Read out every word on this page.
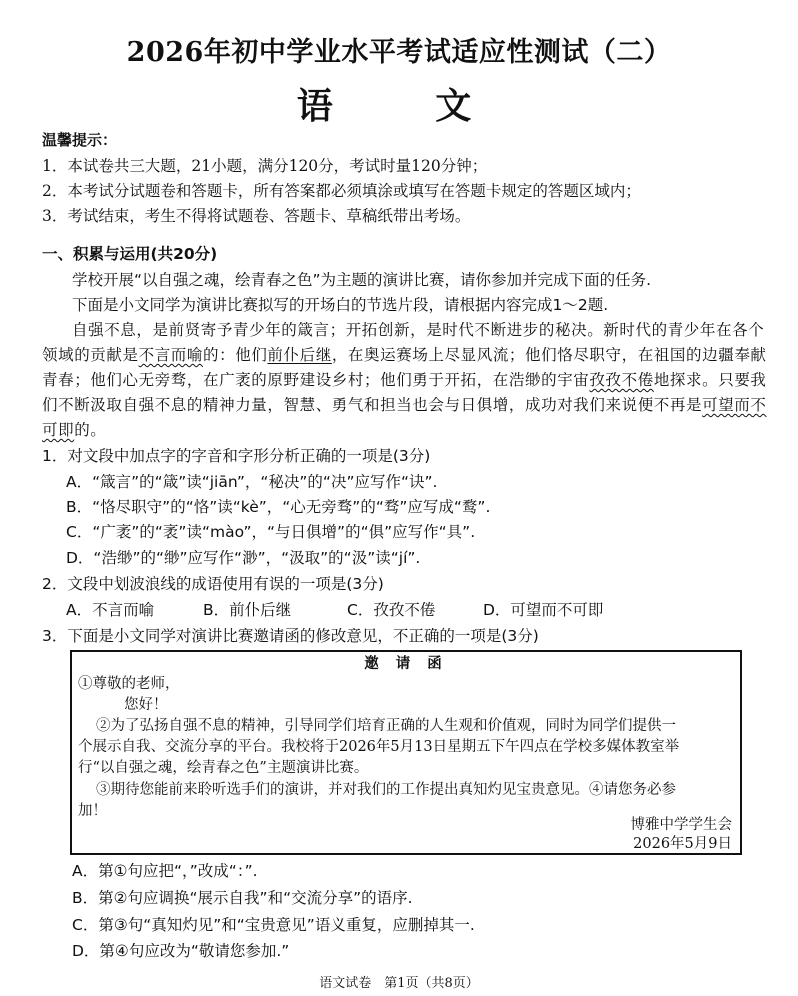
2026年初中学业水平考试适应性测试（二）
语 文
温馨提示：
1．本试卷共三大题，21小题，满分120分，考试时量120分钟；
2．本考试分试题卷和答题卡，所有答案都必须填涂或填写在答题卡规定的答题区域内；
3．考试结束，考生不得将试题卷、答题卡、草稿纸带出考场。
一、积累与运用(共20分)
学校开展“以自强之魂，绘青春之色”为主题的演讲比赛，请你参加并完成下面的任务.
下面是小文同学为演讲比赛拟写的开场白的节选片段，请根据内容完成1～2题.
自强不息，是前贤寄予青少年的箴言；开拓创新，是时代不断进步的秘决。新时代的青少年在各个
领域的贡献是不言而喻的：他们前仆后继，在奥运赛场上尽显风流；他们恪尽职守，在祖国的边疆奉献
青春；他们心无旁骛，在广袤的原野建设乡村；他们勇于开拓，在浩缈的宇宙孜孜不倦地探求。只要我
们不断汲取自强不息的精神力量，智慧、勇气和担当也会与日俱增，成功对我们来说便不再是可望而不
可即的。
1．对文段中加点字的字音和字形分析正确的一项是(3分)
A．“箴言”的“箴”读“jiān”，“秘决”的“决”应写作“诀”.
B．“恪尽职守”的“恪”读“kè”，“心无旁骛”的“骛”应写成“鹜”.
C．“广袤”的“袤”读“mào”，“与日俱增”的“俱”应写作“具”.
D．“浩缈”的“缈”应写作“渺”，“汲取”的“汲”读“jí”.
2．文段中划波浪线的成语使用有误的一项是(3分)
A．不言而喻	B．前仆后继	C．孜孜不倦	D．可望而不可即
3．下面是小文同学对演讲比赛邀请函的修改意见，不正确的一项是(3分)
邀 请 函
①尊敬的老师，
您好！
②为了弘扬自强不息的精神，引导同学们培育正确的人生观和价值观，同时为同学们提供一
个展示自我、交流分享的平台。我校将于2026年5月13日星期五下午四点在学校多媒体教室举
行“以自强之魂，绘青春之色”主题演讲比赛。
③期待您能前来聆听选手们的演讲，并对我们的工作提出真知灼见宝贵意见。④请您务必参
加！
博雅中学学生会
2026年5月9日
A．第①句应把“，”改成“：”.
B．第②句应调换“展示自我”和“交流分享”的语序.
C．第③句“真知灼见”和“宝贵意见”语义重复，应删掉其一.
D．第④句应改为“敬请您参加.”
语文试卷　第1页（共8页）
